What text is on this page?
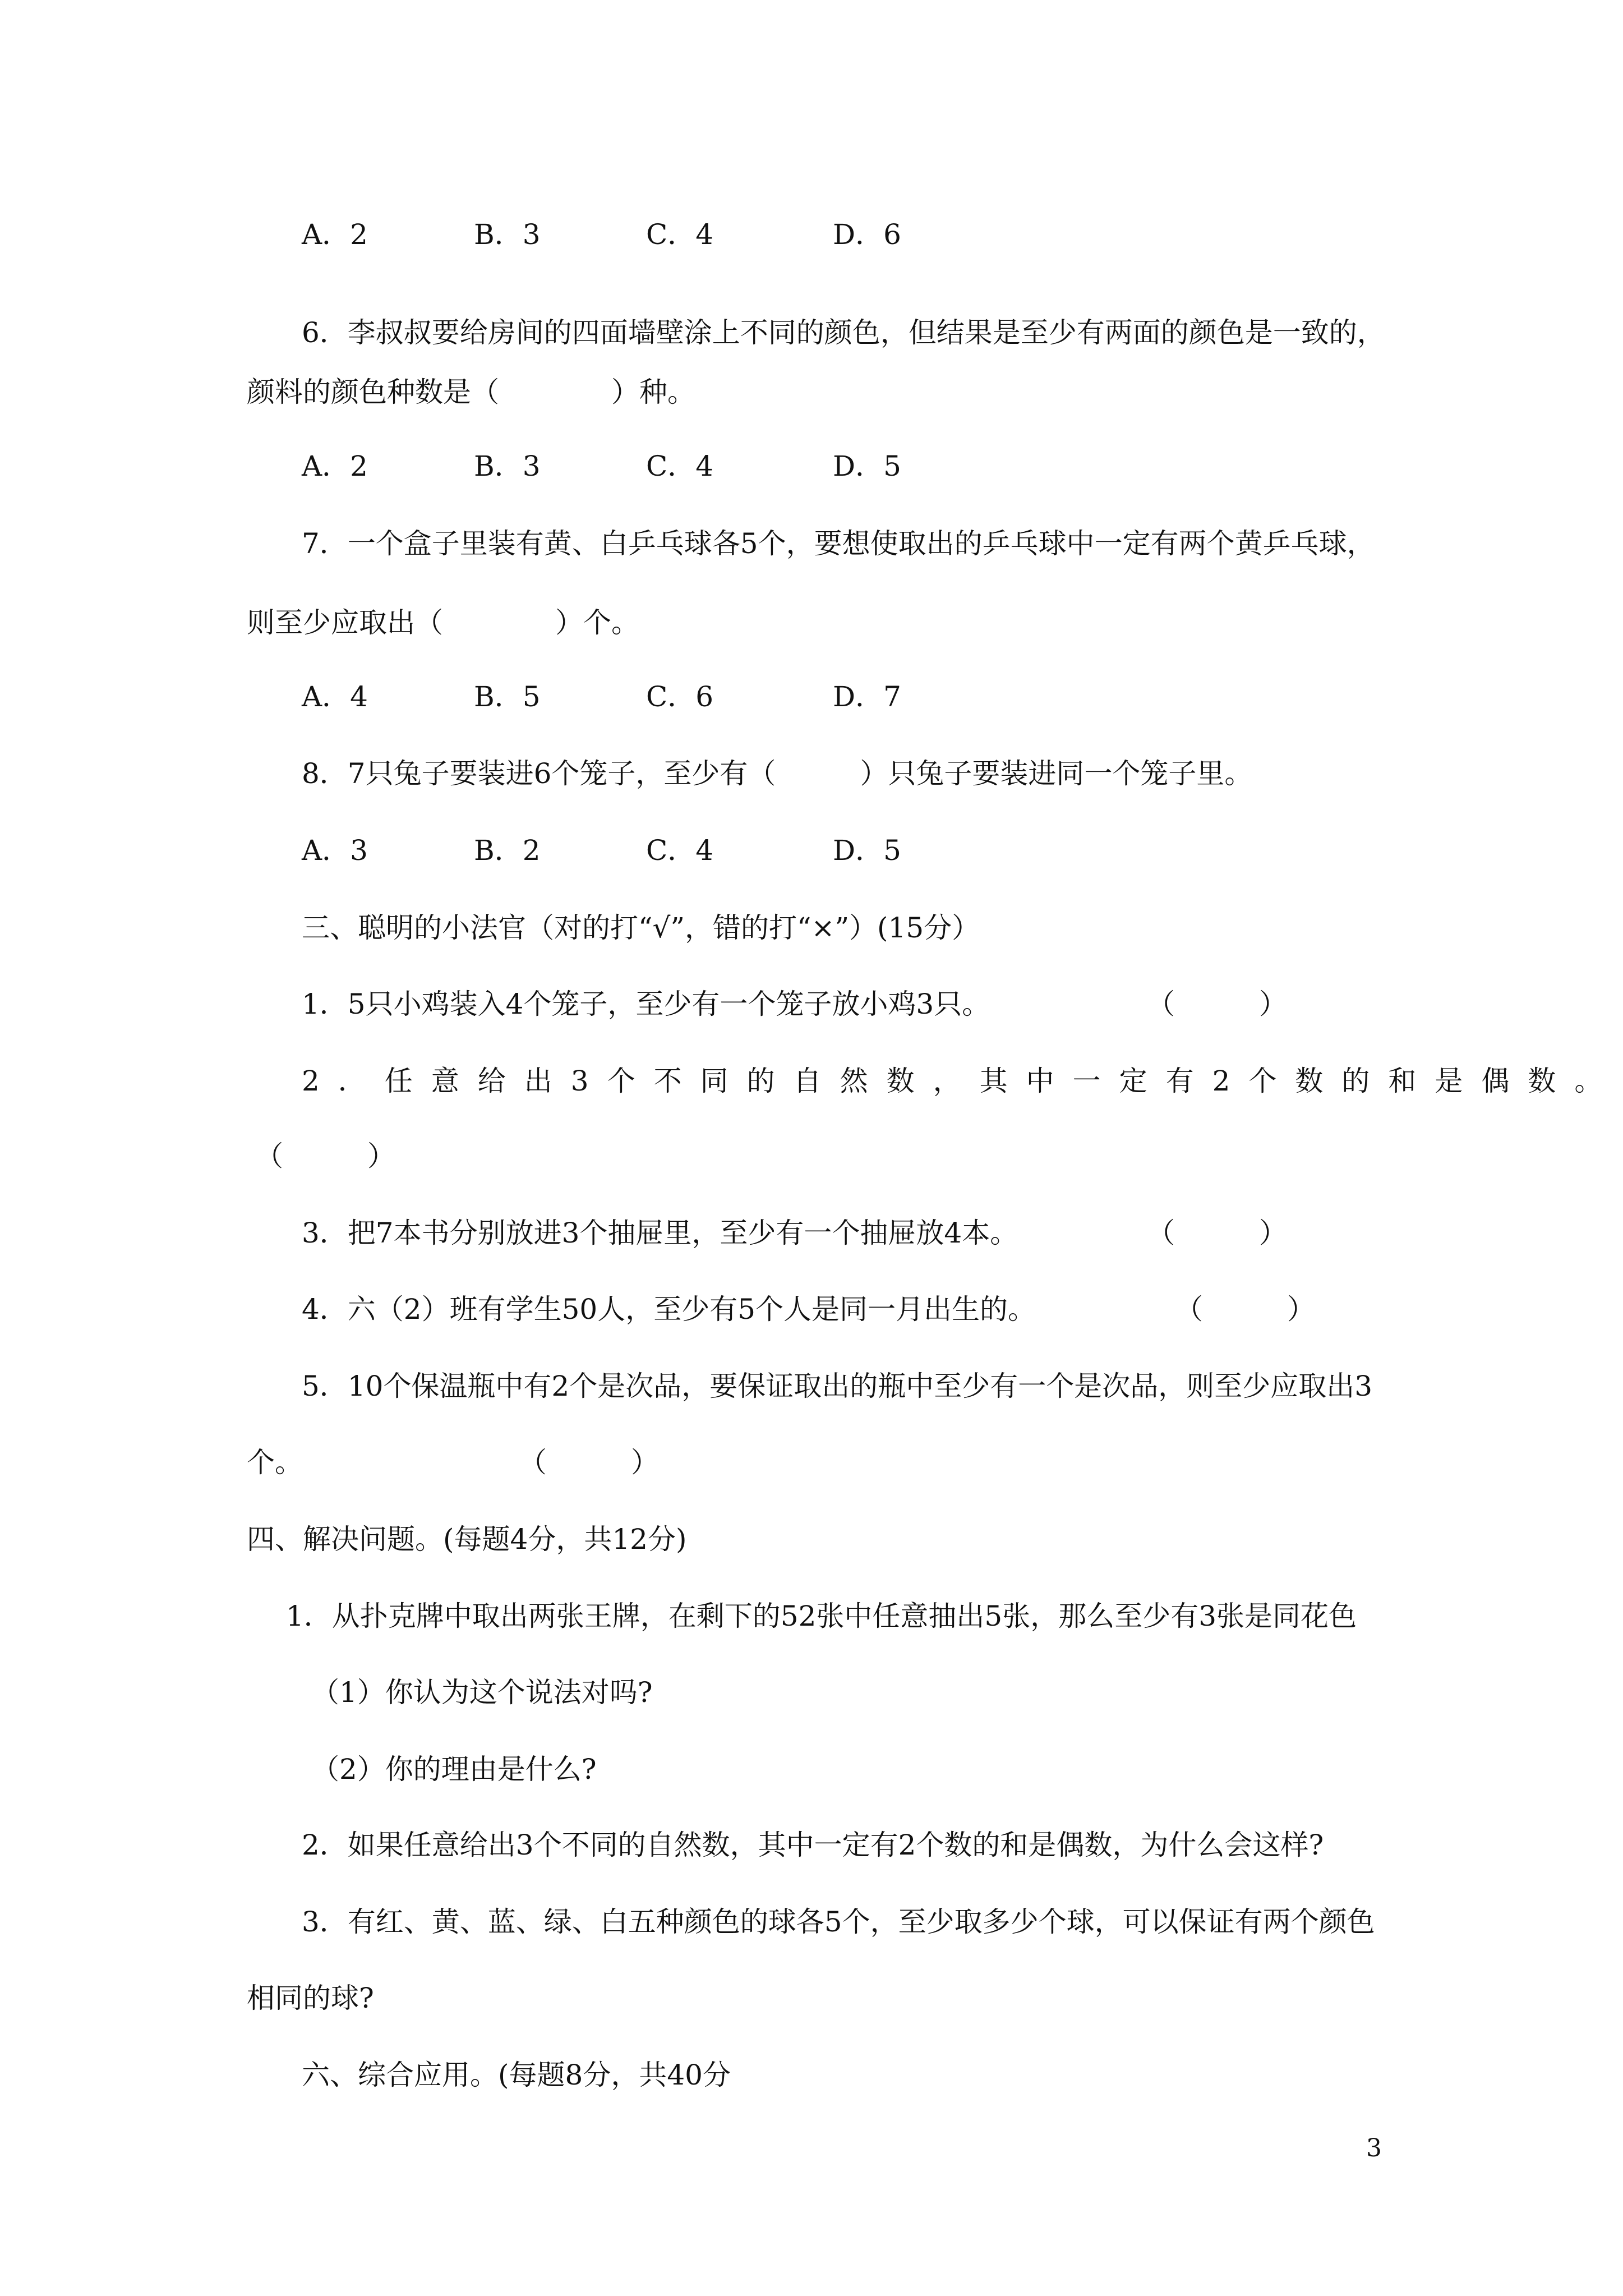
A．2	B．3	C．4	D．6
6．李叔叔要给房间的四面墙壁涂上不同的颜色，但结果是至少有两面的颜色是一致的，
颜料的颜色种数是（　　　　）种。
A．2	B．3	C．4	D．5
7．一个盒子里装有黄、白乒乓球各5个，要想使取出的乒乓球中一定有两个黄乒乓球，
则至少应取出（　　　　）个。
A．4	B．5	C．6	D．7
8．7只兔子要装进6个笼子，至少有（　　　）只兔子要装进同一个笼子里。
A．3	B．2	C．4	D．5
三、聪明的小法官（对的打“√”，错的打“×”）(15分）
1．5只小鸡装入4个笼子，至少有一个笼子放小鸡3只。	（　　　）
2．任意给出3个不同的自然数，其中一定有2个数的和是偶数。
（　　　）
3．把7本书分别放进3个抽屉里，至少有一个抽屉放4本。	（　　　）
4．六（2）班有学生50人，至少有5个人是同一月出生的。	（　　　）
5．10个保温瓶中有2个是次品，要保证取出的瓶中至少有一个是次品，则至少应取出3
个。	（　　　）
四、解决问题。(每题4分，共12分)
1．从扑克牌中取出两张王牌，在剩下的52张中任意抽出5张，那么至少有3张是同花色
（1）你认为这个说法对吗?
（2）你的理由是什么?
2．如果任意给出3个不同的自然数，其中一定有2个数的和是偶数，为什么会这样?
3．有红、黄、蓝、绿、白五种颜色的球各5个，至少取多少个球，可以保证有两个颜色
相同的球?
六、综合应用。(每题8分，共40分
3
